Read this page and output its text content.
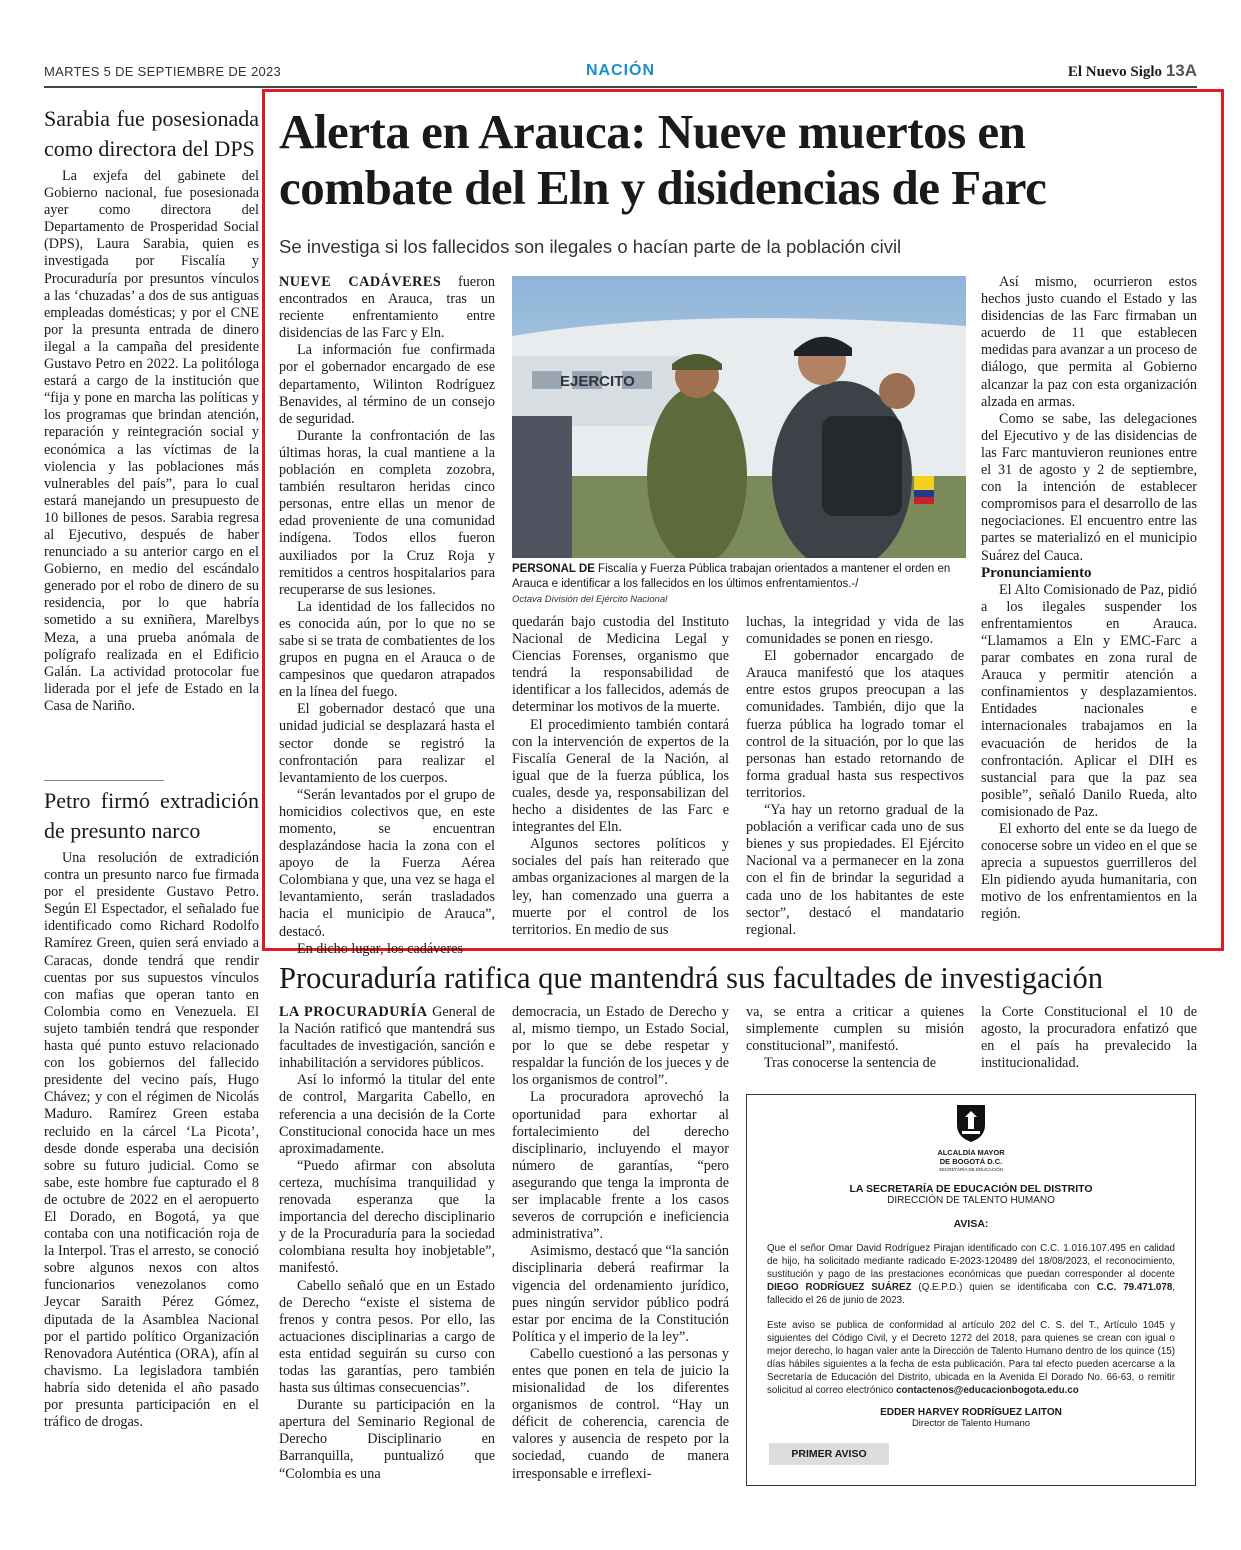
MARTES 5 DE SEPTIEMBRE DE 2023	NACIÓN	El Nuevo Siglo 13A
Sarabia fue posesionada como directora del DPS

La exjefa del gabinete del Gobierno nacional, fue posesionada ayer como directora del Departamento de Prosperidad Social (DPS), Laura Sarabia, quien es investigada por Fiscalía y Procuraduría por presuntos vínculos a las ‘chuzadas’ a dos de sus antiguas empleadas domésticas; y por el CNE por la presunta entrada de dinero ilegal a la campaña del presidente Gustavo Petro en 2022. La politóloga estará a cargo de la institución que “fija y pone en marcha las políticas y los programas que brindan atención, reparación y reintegración social y económica a las víctimas de la violencia y las poblaciones más vulnerables del país”, para lo cual estará manejando un presupuesto de 10 billones de pesos. Sarabia regresa al Ejecutivo, después de haber renunciado a su anterior cargo en el Gobierno, en medio del escándalo generado por el robo de dinero de su residencia, por lo que habría sometido a su exniñera, Marelbys Meza, a una prueba anómala de polígrafo realizada en el Edificio Galán. La actividad protocolar fue liderada por el jefe de Estado en la Casa de Nariño.

Petro firmó extradición de presunto narco

Una resolución de extradición contra un presunto narco fue firmada por el presidente Gustavo Petro. Según El Espectador, el señalado fue identificado como Richard Rodolfo Ramírez Green, quien será enviado a Caracas, donde tendrá que rendir cuentas por sus supuestos vínculos con mafias que operan tanto en Colombia como en Venezuela. El sujeto también tendrá que responder hasta qué punto estuvo relacionado con los gobiernos del fallecido presidente del vecino país, Hugo Chávez; y con el régimen de Nicolás Maduro. Ramírez Green estaba recluido en la cárcel ‘La Picota’, desde donde esperaba una decisión sobre su futuro judicial. Como se sabe, este hombre fue capturado el 8 de octubre de 2022 en el aeropuerto El Dorado, en Bogotá, ya que contaba con una notificación roja de la Interpol. Tras el arresto, se conoció sobre algunos nexos con altos funcionarios venezolanos como Jeycar Saraith Pérez Gómez, diputada de la Asamblea Nacional por el partido político Organización Renovadora Auténtica (ORA), afín al chavismo. La legisladora también habría sido detenida el año pasado por presunta participación en el tráfico de drogas.

Alerta en Arauca: Nueve muertos en combate del Eln y disidencias de Farc
Se investiga si los fallecidos son ilegales o hacían parte de la población civil

NUEVE CADÁVERES fueron encontrados en Arauca, tras un reciente enfrentamiento entre disidencias de las Farc y Eln.

La información fue confirmada por el gobernador encargado de ese departamento, Wilinton Rodríguez Benavides, al término de un consejo de seguridad.

Durante la confrontación de las últimas horas, la cual mantiene a la población en completa zozobra, también resultaron heridas cinco personas, entre ellas un menor de edad proveniente de una comunidad indígena. Todos ellos fueron auxiliados por la Cruz Roja y remitidos a centros hospitalarios para recuperarse de sus lesiones.

La identidad de los fallecidos no es conocida aún, por lo que no se sabe si se trata de combatientes de los grupos en pugna en el Arauca o de campesinos que quedaron atrapados en la línea del fuego.

El gobernador destacó que una unidad judicial se desplazará hasta el sector donde se registró la confrontación para realizar el levantamiento de los cuerpos.

“Serán levantados por el grupo de homicidios colectivos que, en este momento, se encuentran desplazándose hacia la zona con el apoyo de la Fuerza Aérea Colombiana y que, una vez se haga el levantamiento, serán trasladados hacia el municipio de Arauca”, destacó.

En dicho lugar, los cadáveres

EJERCITO
PERSONAL DE Fiscalía y Fuerza Pública trabajan orientados a mantener el orden en Arauca e identificar a los fallecidos en los últimos enfrentamientos.-/
Octava División del Ejército Nacional

quedarán bajo custodia del Instituto Nacional de Medicina Legal y Ciencias Forenses, organismo que tendrá la responsabilidad de identificar a los fallecidos, además de determinar los motivos de la muerte.

El procedimiento también contará con la intervención de expertos de la Fiscalía General de la Nación, al igual que de la fuerza pública, los cuales, desde ya, responsabilizan del hecho a disidentes de las Farc e integrantes del Eln.

Algunos sectores políticos y sociales del país han reiterado que ambas organizaciones al margen de la ley, han comenzado una guerra a muerte por el control de los territorios. En medio de sus

luchas, la integridad y vida de las comunidades se ponen en riesgo.

El gobernador encargado de Arauca manifestó que los ataques entre estos grupos preocupan a las comunidades. También, dijo que la fuerza pública ha logrado tomar el control de la situación, por lo que las personas han estado retornando de forma gradual hasta sus respectivos territorios.

“Ya hay un retorno gradual de la población a verificar cada uno de sus bienes y sus propiedades. El Ejército Nacional va a permanecer en la zona con el fin de brindar la seguridad a cada uno de los habitantes de este sector”, destacó el mandatario regional.

Así mismo, ocurrieron estos hechos justo cuando el Estado y las disidencias de las Farc firmaban un acuerdo de 11 que establecen medidas para avanzar a un proceso de diálogo, que permita al Gobierno alcanzar la paz con esta organización alzada en armas.

Como se sabe, las delegaciones del Ejecutivo y de las disidencias de las Farc mantuvieron reuniones entre el 31 de agosto y 2 de septiembre, con la intención de establecer compromisos para el desarrollo de las negociaciones. El encuentro entre las partes se materializó en el municipio Suárez del Cauca.

Pronunciamiento

El Alto Comisionado de Paz, pidió a los ilegales suspender los enfrentamientos en Arauca. “Llamamos a Eln y EMC-Farc a parar combates en zona rural de Arauca y permitir atención a confinamientos y desplazamientos. Entidades nacionales e internacionales trabajamos en la evacuación de heridos de la confrontación. Aplicar el DIH es sustancial para que la paz sea posible”, señaló Danilo Rueda, alto comisionado de Paz.

El exhorto del ente se da luego de conocerse sobre un video en el que se aprecia a supuestos guerrilleros del Eln pidiendo ayuda humanitaria, con motivo de los enfrentamientos en la región.

Procuraduría ratifica que mantendrá sus facultades de investigación

LA PROCURADURÍA General de la Nación ratificó que mantendrá sus facultades de investigación, sanción e inhabilitación a servidores públicos.

Así lo informó la titular del ente de control, Margarita Cabello, en referencia a una decisión de la Corte Constitucional conocida hace un mes aproximadamente.

“Puedo afirmar con absoluta certeza, muchísima tranquilidad y renovada esperanza que la importancia del derecho disciplinario y de la Procuraduría para la sociedad colombiana resulta hoy inobjetable”, manifestó.

Cabello señaló que en un Estado de Derecho “existe el sistema de frenos y contra pesos. Por ello, las actuaciones disciplinarias a cargo de esta entidad seguirán su curso con todas las garantías, pero también hasta sus últimas consecuencias”.

Durante su participación en la apertura del Seminario Regional de Derecho Disciplinario en Barranquilla, puntualizó que “Colombia es una

democracia, un Estado de Derecho y al, mismo tiempo, un Estado Social, por lo que se debe respetar y respaldar la función de los jueces y de los organismos de control”.

La procuradora aprovechó la oportunidad para exhortar al fortalecimiento del derecho disciplinario, incluyendo el mayor número de garantías, “pero asegurando que tenga la impronta de ser implacable frente a los casos severos de corrupción e ineficiencia administrativa”.

Asimismo, destacó que “la sanción disciplinaria deberá reafirmar la vigencia del ordenamiento jurídico, pues ningún servidor público podrá estar por encima de la Constitución Política y el imperio de la ley”.

Cabello cuestionó a las personas y entes que ponen en tela de juicio la misionalidad de los diferentes organismos de control. “Hay un déficit de coherencia, carencia de valores y ausencia de respeto por la sociedad, cuando de manera irresponsable e irreflexi-

va, se entra a criticar a quienes simplemente cumplen su misión constitucional”, manifestó.

Tras conocerse la sentencia de

la Corte Constitucional el 10 de agosto, la procuradora enfatizó que en el país ha prevalecido la institucionalidad.

ALCALDÍA MAYOR
DE BOGOTÁ D.C.
SECRETARÍA DE EDUCACIÓN
LA SECRETARÍA DE EDUCACIÓN DEL DISTRITO
DIRECCIÓN DE TALENTO HUMANO
AVISA:
Que el señor Omar David Rodríguez Pirajan identificado con C.C. 1.016.107.495 en calidad de hijo, ha solicitado mediante radicado E-2023-120489 del 18/08/2023, el reconocimiento, sustitución y pago de las prestaciones económicas que puedan corresponder al docente DIEGO RODRÍGUEZ SUÁREZ (Q.E.P.D.) quien se identificaba con C.C. 79.471.078, fallecido el 26 de junio de 2023.
Este aviso se publica de conformidad al artículo 202 del C. S. del T., Artículo 1045 y siguientes del Código Civil, y el Decreto 1272 del 2018, para quienes se crean con igual o mejor derecho, lo hagan valer ante la Dirección de Talento Humano dentro de los quince (15) días hábiles siguientes a la fecha de esta publicación. Para tal efecto pueden acercarse a la Secretaría de Educación del Distrito, ubicada en la Avenida El Dorado No. 66-63, o remitir solicitud al correo electrónico contactenos@educacionbogota.edu.co
EDDER HARVEY RODRÍGUEZ LAITON
Director de Talento Humano
PRIMER AVISO
